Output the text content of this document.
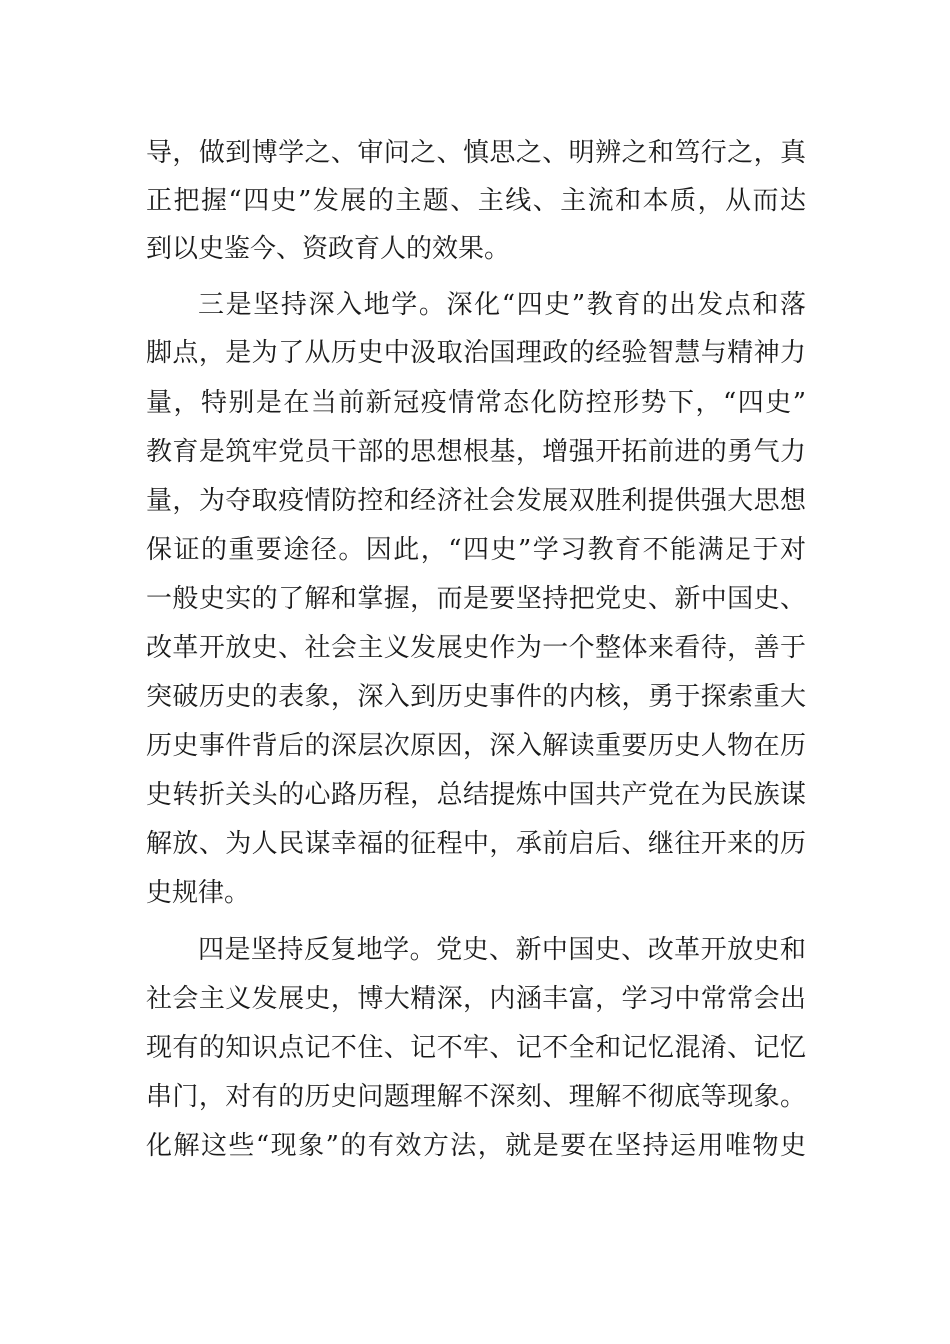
导，做到博学之、审问之、慎思之、明辨之和笃行之，真
正把握“四史”发展的主题、主线、主流和本质，从而达
到以史鉴今、资政育人的效果。
三是坚持深入地学。深化“四史”教育的出发点和落
脚点，是为了从历史中汲取治国理政的经验智慧与精神力
量，特别是在当前新冠疫情常态化防控形势下，“四史”
教育是筑牢党员干部的思想根基，增强开拓前进的勇气力
量，为夺取疫情防控和经济社会发展双胜利提供强大思想
保证的重要途径。因此，“四史”学习教育不能满足于对
一般史实的了解和掌握，而是要坚持把党史、新中国史、
改革开放史、社会主义发展史作为一个整体来看待，善于
突破历史的表象，深入到历史事件的内核，勇于探索重大
历史事件背后的深层次原因，深入解读重要历史人物在历
史转折关头的心路历程，总结提炼中国共产党在为民族谋
解放、为人民谋幸福的征程中，承前启后、继往开来的历
史规律。
四是坚持反复地学。党史、新中国史、改革开放史和
社会主义发展史，博大精深，内涵丰富，学习中常常会出
现有的知识点记不住、记不牢、记不全和记忆混淆、记忆
串门，对有的历史问题理解不深刻、理解不彻底等现象。
化解这些“现象”的有效方法，就是要在坚持运用唯物史
